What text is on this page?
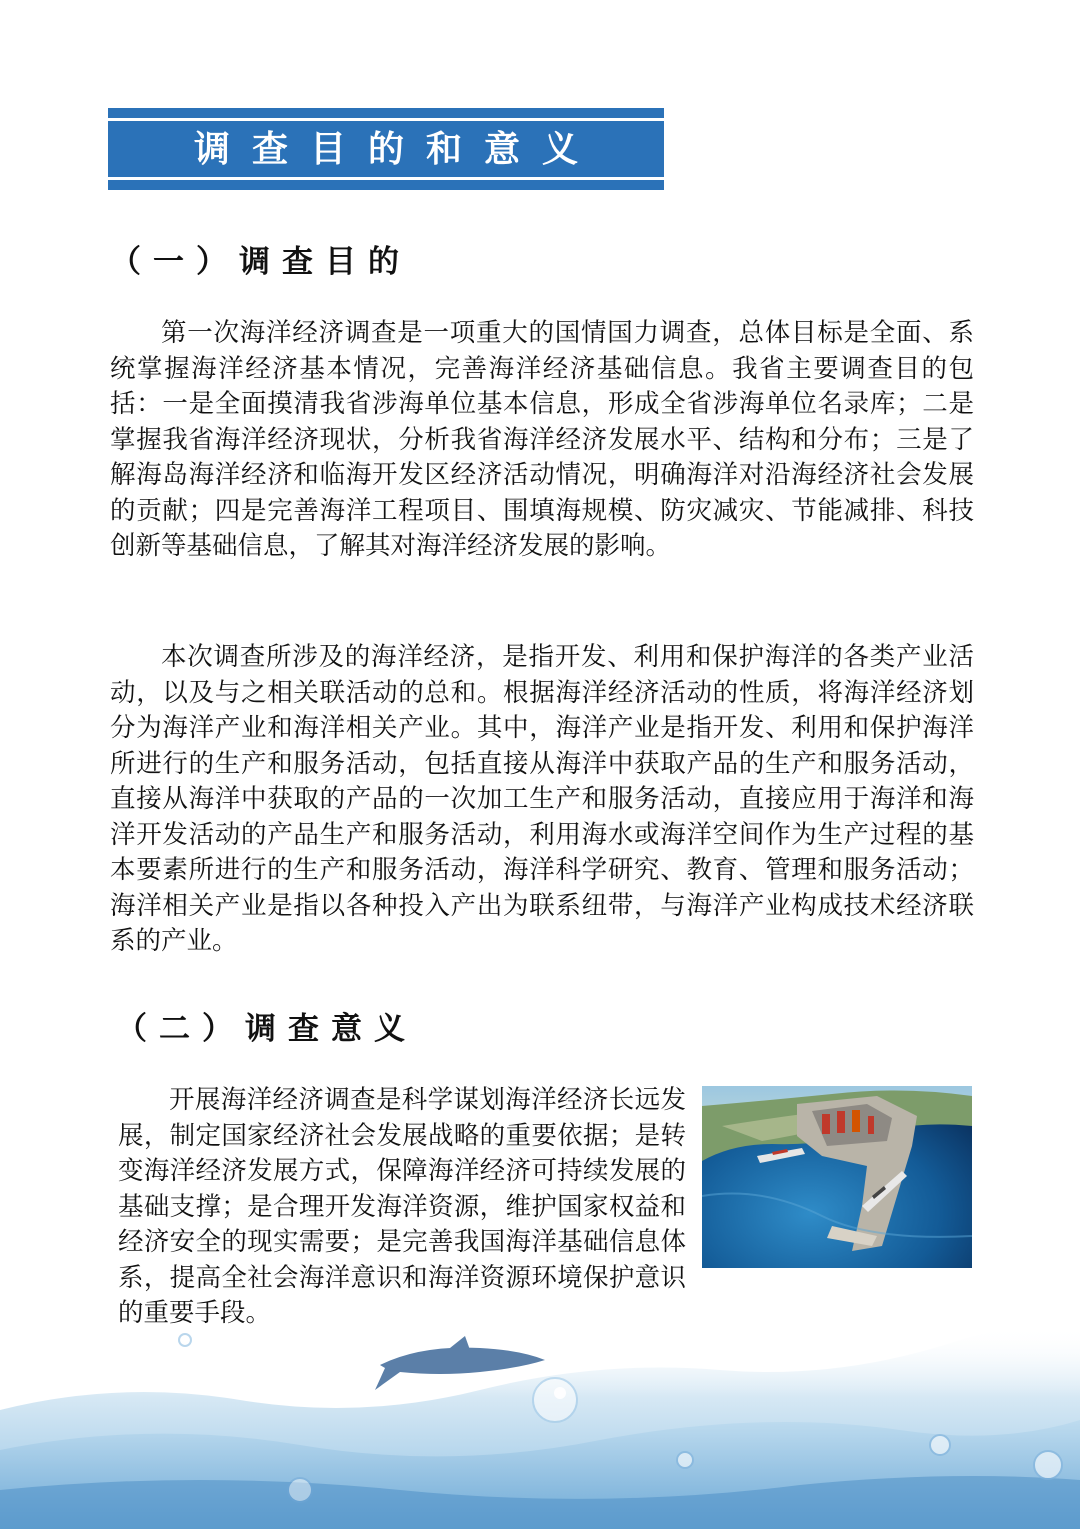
调查目的和意义
（一）调查目的

第一次海洋经济调查是一项重大的国情国力调查，总体目标是全面、系统掌握海洋经济基本情况，完善海洋经济基础信息。我省主要调查目的包括：一是全面摸清我省涉海单位基本信息，形成全省涉海单位名录库；二是掌握我省海洋经济现状，分析我省海洋经济发展水平、结构和分布；三是了解海岛海洋经济和临海开发区经济活动情况，明确海洋对沿海经济社会发展的贡献；四是完善海洋工程项目、围填海规模、防灾减灾、节能减排、科技创新等基础信息，了解其对海洋经济发展的影响。

本次调查所涉及的海洋经济，是指开发、利用和保护海洋的各类产业活动，以及与之相关联活动的总和。根据海洋经济活动的性质，将海洋经济划分为海洋产业和海洋相关产业。其中，海洋产业是指开发、利用和保护海洋所进行的生产和服务活动，包括直接从海洋中获取产品的生产和服务活动，直接从海洋中获取的产品的一次加工生产和服务活动，直接应用于海洋和海洋开发活动的产品生产和服务活动，利用海水或海洋空间作为生产过程的基本要素所进行的生产和服务活动，海洋科学研究、教育、管理和服务活动；海洋相关产业是指以各种投入产出为联系纽带，与海洋产业构成技术经济联系的产业。

（二）调查意义

开展海洋经济调查是科学谋划海洋经济长远发展，制定国家经济社会发展战略的重要依据；是转变海洋经济发展方式，保障海洋经济可持续发展的基础支撑；是合理开发海洋资源，维护国家权益和经济安全的现实需要；是完善我国海洋基础信息体系，提高全社会海洋意识和海洋资源环境保护意识的重要手段。
